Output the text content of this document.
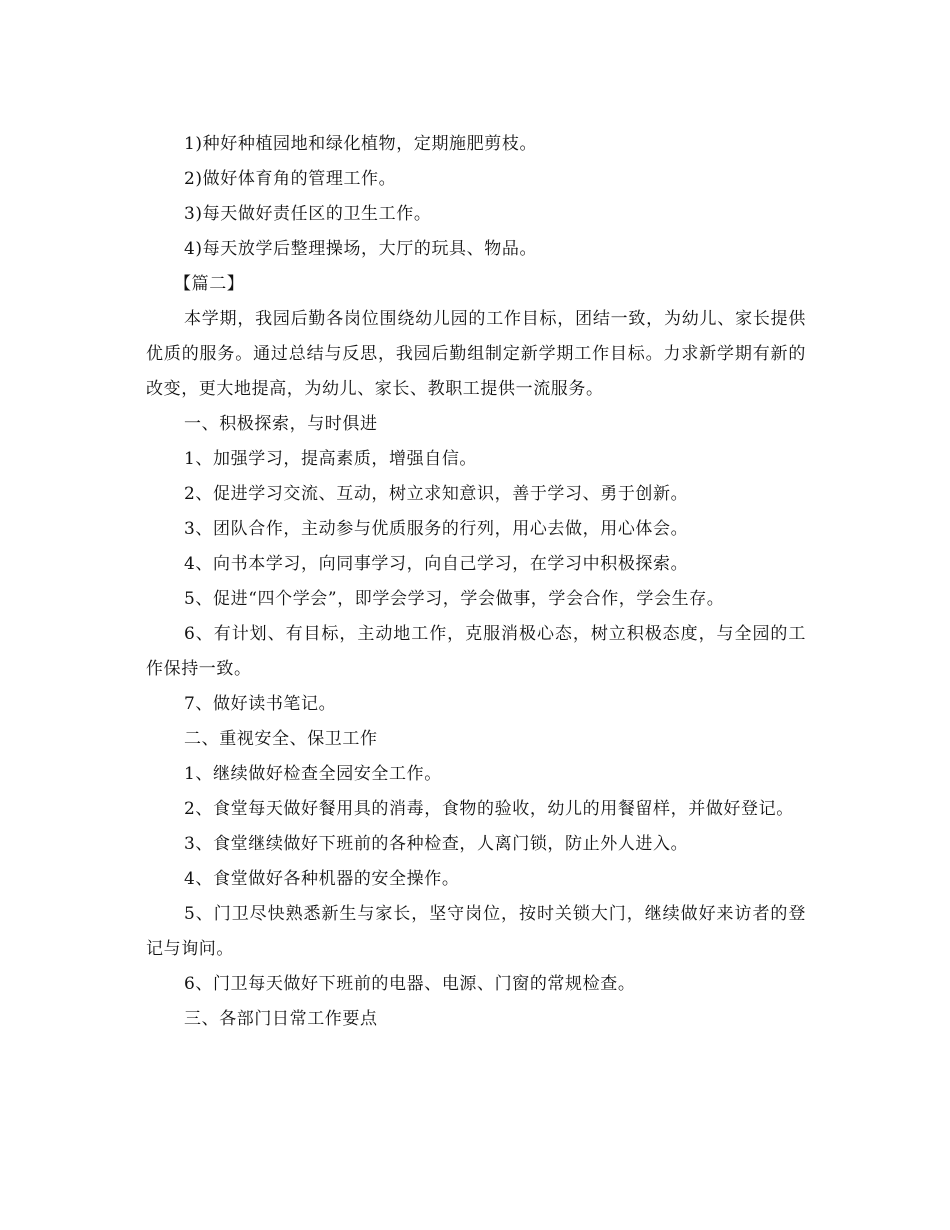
1)种好种植园地和绿化植物，定期施肥剪枝。

2)做好体育角的管理工作。

3)每天做好责任区的卫生工作。

4)每天放学后整理操场，大厅的玩具、物品。

【篇二】

本学期，我园后勤各岗位围绕幼儿园的工作目标，团结一致，为幼儿、家长提供优质的服务。通过总结与反思，我园后勤组制定新学期工作目标。力求新学期有新的改变，更大地提高，为幼儿、家长、教职工提供一流服务。

一、积极探索，与时俱进

1、加强学习，提高素质，增强自信。

2、促进学习交流、互动，树立求知意识，善于学习、勇于创新。

3、团队合作，主动参与优质服务的行列，用心去做，用心体会。

4、向书本学习，向同事学习，向自己学习，在学习中积极探索。

5、促进“四个学会”，即学会学习，学会做事，学会合作，学会生存。

6、有计划、有目标，主动地工作，克服消极心态，树立积极态度，与全园的工作保持一致。

7、做好读书笔记。

二、重视安全、保卫工作

1、继续做好检查全园安全工作。

2、食堂每天做好餐用具的消毒，食物的验收，幼儿的用餐留样，并做好登记。

3、食堂继续做好下班前的各种检查，人离门锁，防止外人进入。

4、食堂做好各种机器的安全操作。

5、门卫尽快熟悉新生与家长，坚守岗位，按时关锁大门，继续做好来访者的登记与询问。

6、门卫每天做好下班前的电器、电源、门窗的常规检查。

三、各部门日常工作要点
